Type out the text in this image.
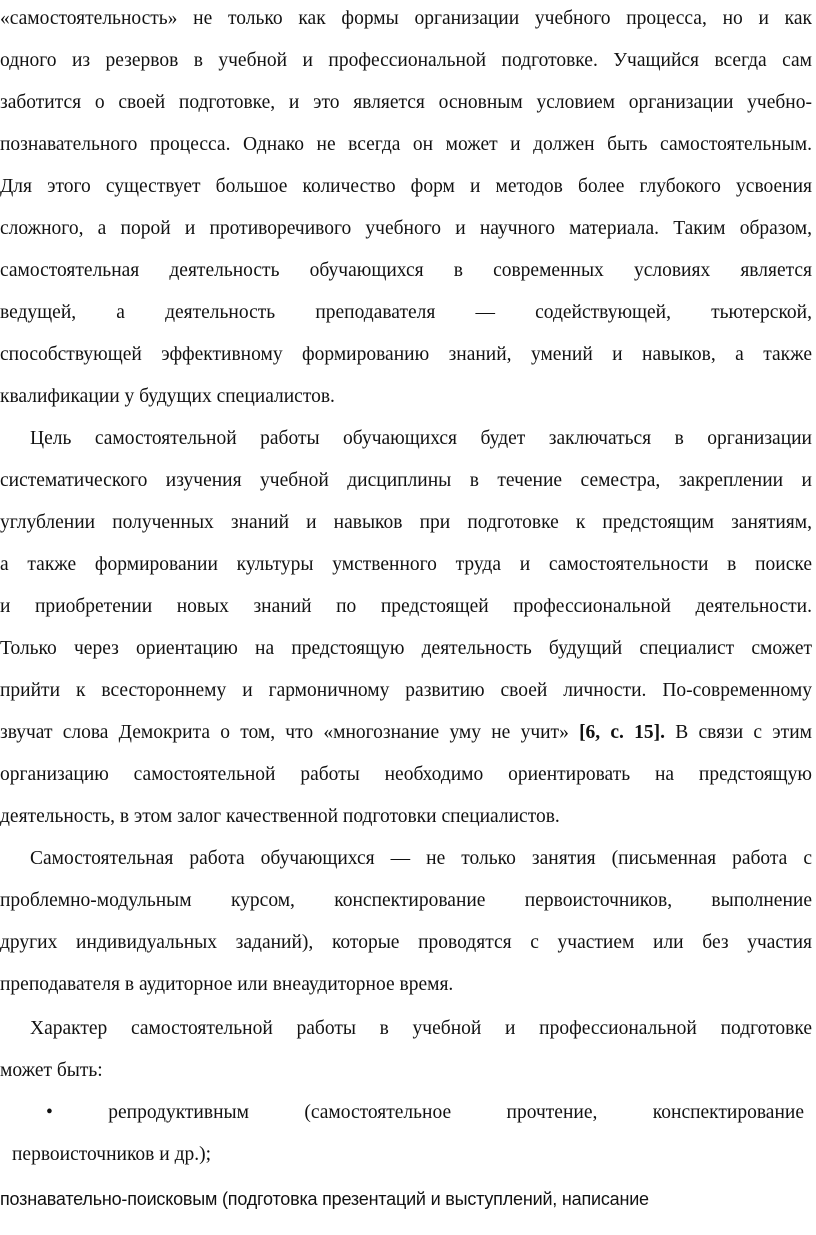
«самостоятельность» не только как формы организации учебного процесса, но и как
одного из резервов в учебной и профессиональной подготовке. Учащийся всегда сам
заботится о своей подготовке, и это является основным условием организации учебно-
познавательного процесса. Однако не всегда он может и должен быть самостоятельным.
Для этого существует большое количество форм и методов более глубокого усвоения
сложного, а порой и противоречивого учебного и научного материала. Таким образом,
самостоятельная деятельность обучающихся в современных условиях является
ведущей, а деятельность преподавателя — содействующей, тьютерской,
способствующей эффективному формированию знаний, умений и навыков, а также
квалификации у будущих специалистов.
Цель самостоятельной работы обучающихся будет заключаться в организации
систематического изучения учебной дисциплины в течение семестра, закреплении и
углублении полученных знаний и навыков при подготовке к предстоящим занятиям,
а также формировании культуры умственного труда и самостоятельности в поиске
и приобретении новых знаний по предстоящей профессиональной деятельности.
Только через ориентацию на предстоящую деятельность будущий специалист сможет
прийти к всестороннему и гармоничному развитию своей личности. По-современному
организацию самостоятельной работы необходимо ориентировать на предстоящую
деятельность, в этом залог качественной подготовки специалистов.
Самостоятельная работа обучающихся — не только занятия (письменная работа с
проблемно-модульным курсом, конспектирование первоисточников, выполнение
других индивидуальных заданий), которые проводятся с участием или без участия
преподавателя в аудиторное или внеаудиторное время.
Характер самостоятельной работы в учебной и профессиональной подготовке
может быть:
• репродуктивным (самостоятельное прочтение, конспектирование
первоисточников и др.);
звучат слова Демокрита о том, что «многознание уму не учит» [6, с. 15]. В связи с этим
познавательно-поисковым (подготовка презентаций и выступлений, написание
